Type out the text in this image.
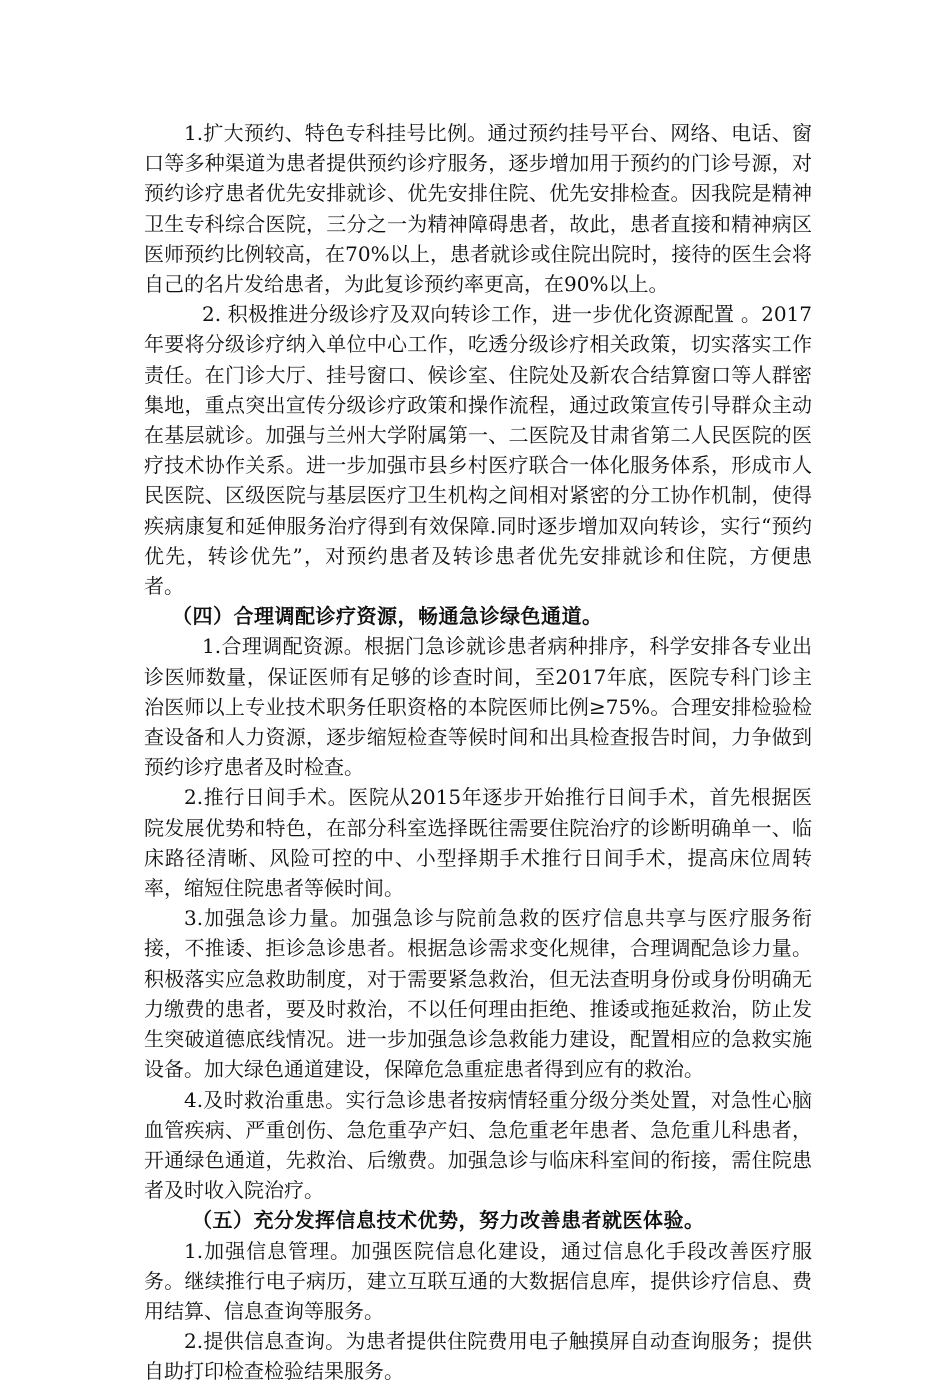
1.扩大预约、特色专科挂号比例。通过预约挂号平台、网络、电话、窗口等多种渠道为患者提供预约诊疗服务，逐步增加用于预约的门诊号源，对预约诊疗患者优先安排就诊、优先安排住院、优先安排检查。因我院是精神卫生专科综合医院，三分之一为精神障碍患者，故此，患者直接和精神病区医师预约比例较高，在70%以上，患者就诊或住院出院时，接待的医生会将自己的名片发给患者，为此复诊预约率更高，在90%以上。

2. 积极推进分级诊疗及双向转诊工作，进一步优化资源配置 。2017年要将分级诊疗纳入单位中心工作，吃透分级诊疗相关政策，切实落实工作责任。在门诊大厅、挂号窗口、候诊室、住院处及新农合结算窗口等人群密集地，重点突出宣传分级诊疗政策和操作流程，通过政策宣传引导群众主动在基层就诊。加强与兰州大学附属第一、二医院及甘肃省第二人民医院的医疗技术协作关系。进一步加强市县乡村医疗联合一体化服务体系，形成市人民医院、区级医院与基层医疗卫生机构之间相对紧密的分工协作机制，使得疾病康复和延伸服务治疗得到有效保障.同时逐步增加双向转诊，实行“预约优先，转诊优先”，对预约患者及转诊患者优先安排就诊和住院，方便患者。

（四）合理调配诊疗资源，畅通急诊绿色通道。

1.合理调配资源。根据门急诊就诊患者病种排序，科学安排各专业出诊医师数量，保证医师有足够的诊查时间，至2017年底，医院专科门诊主治医师以上专业技术职务任职资格的本院医师比例≥75%。合理安排检验检查设备和人力资源，逐步缩短检查等候时间和出具检查报告时间，力争做到预约诊疗患者及时检查。

2.推行日间手术。医院从2015年逐步开始推行日间手术，首先根据医院发展优势和特色，在部分科室选择既往需要住院治疗的诊断明确单一、临床路径清晰、风险可控的中、小型择期手术推行日间手术，提高床位周转率，缩短住院患者等候时间。

3.加强急诊力量。加强急诊与院前急救的医疗信息共享与医疗服务衔接，不推诿、拒诊急诊患者。根据急诊需求变化规律，合理调配急诊力量。积极落实应急救助制度，对于需要紧急救治，但无法查明身份或身份明确无力缴费的患者，要及时救治，不以任何理由拒绝、推诿或拖延救治，防止发生突破道德底线情况。进一步加强急诊急救能力建设，配置相应的急救实施设备。加大绿色通道建设，保障危急重症患者得到应有的救治。

4.及时救治重患。实行急诊患者按病情轻重分级分类处置，对急性心脑血管疾病、严重创伤、急危重孕产妇、急危重老年患者、急危重儿科患者，开通绿色通道，先救治、后缴费。加强急诊与临床科室间的衔接，需住院患者及时收入院治疗。

（五）充分发挥信息技术优势，努力改善患者就医体验。

1.加强信息管理。加强医院信息化建设，通过信息化手段改善医疗服务。继续推行电子病历，建立互联互通的大数据信息库，提供诊疗信息、费用结算、信息查询等服务。

2.提供信息查询。为患者提供住院费用电子触摸屏自动查询服务；提供自助打印检查检验结果服务。
